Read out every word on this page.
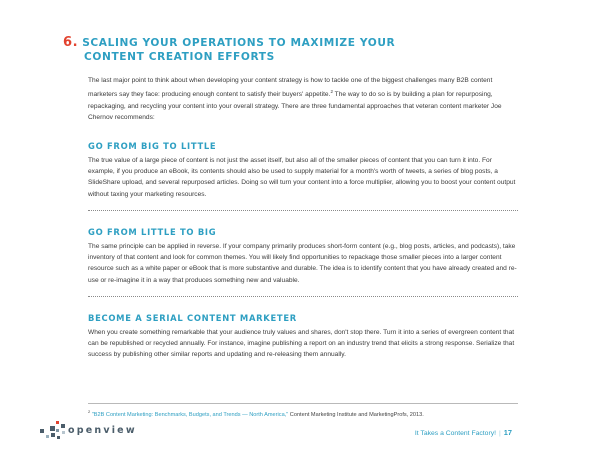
6. SCALING YOUR OPERATIONS TO MAXIMIZE YOUR
CONTENT CREATION EFFORTS

The last major point to think about when developing your content strategy is how to tackle one of the biggest challenges many B2B content marketers say they face: producing enough content to satisfy their buyers' appetite.$^2$ The way to do so is by building a plan for repurposing, repackaging, and recycling your content into your overall strategy. There are three fundamental approaches that veteran content marketer Joe Chernov recommends:

GO FROM BIG TO LITTLE

The true value of a large piece of content is not just the asset itself, but also all of the smaller pieces of content that you can turn it into. For example, if you produce an eBook, its contents should also be used to supply material for a month's worth of tweets, a series of blog posts, a SlideShare upload, and several repurposed articles. Doing so will turn your content into a force multiplier, allowing you to boost your content output without taxing your marketing resources.

GO FROM LITTLE TO BIG

The same principle can be applied in reverse. If your company primarily produces short-form content (e.g., blog posts, articles, and podcasts), take inventory of that content and look for common themes. You will likely find opportunities to repackage those smaller pieces into a larger content resource such as a white paper or eBook that is more substantive and durable. The idea is to identify content that you have already created and re-use or re-imagine it in a way that produces something new and valuable.

BECOME A SERIAL CONTENT MARKETER

When you create something remarkable that your audience truly values and shares, don't stop there. Turn it into a series of evergreen content that can be republished or recycled annually. For instance, imagine publishing a report on an industry trend that elicits a strong response. Serialize that success by publishing other similar reports and updating and re-releasing them annually.

$^2$ "B2B Content Marketing: Benchmarks, Budgets, and Trends — North America," Content Marketing Institute and MarketingProfs, 2013.
openview	It Takes a Content Factory! | 17
